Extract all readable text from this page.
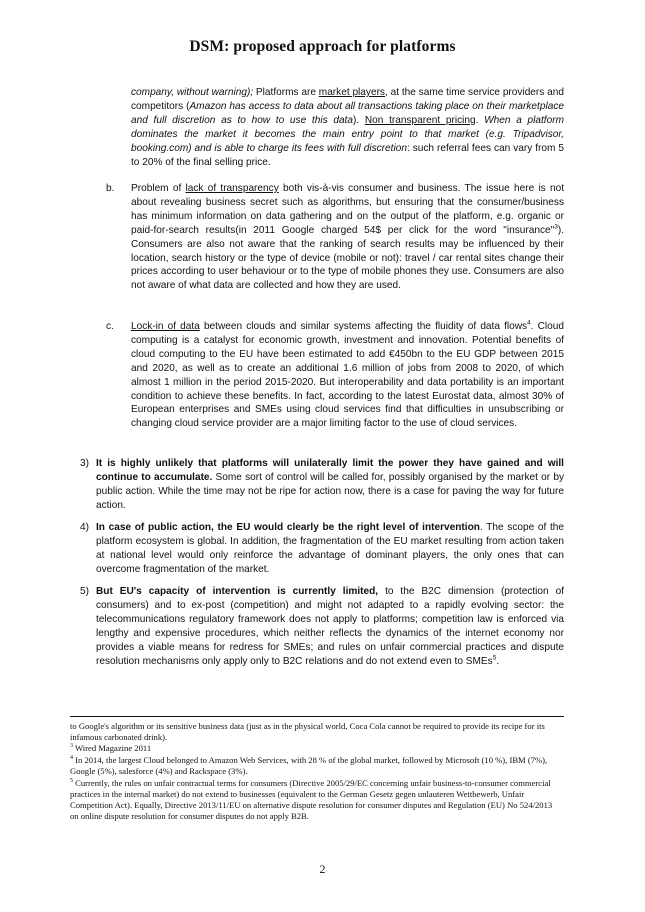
DSM: proposed approach for platforms
company, without warning); Platforms are market players, at the same time service providers and competitors (Amazon has access to data about all transactions taking place on their marketplace and full discretion as to how to use this data). Non transparent pricing. When a platform dominates the market it becomes the main entry point to that market (e.g. Tripadvisor, booking.com) and is able to charge its fees with full discretion: such referral fees can vary from 5 to 20% of the final selling price.
b. Problem of lack of transparency both vis-à-vis consumer and business. The issue here is not about revealing business secret such as algorithms, but ensuring that the consumer/business has minimum information on data gathering and on the output of the platform, e.g. organic or paid-for-search results(in 2011 Google charged 54$ per click for the word "insurance"$^3$). Consumers are also not aware that the ranking of search results may be influenced by their location, search history or the type of device (mobile or not): travel / car rental sites change their prices according to user behaviour or to the type of mobile phones they use. Consumers are also not aware of what data are collected and how they are used.
c. Lock-in of data between clouds and similar systems affecting the fluidity of data flows$^4$. Cloud computing is a catalyst for economic growth, investment and innovation. Potential benefits of cloud computing to the EU have been estimated to add €450bn to the EU GDP between 2015 and 2020, as well as to create an additional 1.6 million of jobs from 2008 to 2020, of which almost 1 million in the period 2015-2020. But interoperability and data portability is an important condition to achieve these benefits. In fact, according to the latest Eurostat data, almost 30% of European enterprises and SMEs using cloud services find that difficulties in unsubscribing or changing cloud service provider are a major limiting factor to the use of cloud services.
3) It is highly unlikely that platforms will unilaterally limit the power they have gained and will continue to accumulate. Some sort of control will be called for, possibly organised by the market or by public action. While the time may not be ripe for action now, there is a case for paving the way for future action.
4) In case of public action, the EU would clearly be the right level of intervention. The scope of the platform ecosystem is global. In addition, the fragmentation of the EU market resulting from action taken at national level would only reinforce the advantage of dominant players, the only ones that can overcome fragmentation of the market.
5) But EU's capacity of intervention is currently limited, to the B2C dimension (protection of consumers) and to ex-post (competition) and might not adapted to a rapidly evolving sector: the telecommunications regulatory framework does not apply to platforms; competition law is enforced via lengthy and expensive procedures, which neither reflects the dynamics of the internet economy nor provides a viable means for redress for SMEs; and rules on unfair commercial practices and dispute resolution mechanisms only apply only to B2C relations and do not extend even to SMEs$^5$.
to Google's algorithm or its sensitive business data (just as in the physical world, Coca Cola cannot be required to provide its recipe for its infamous carbonated drink).
$^3$ Wired Magazine 2011
$^4$ In 2014, the largest Cloud belonged to Amazon Web Services, with 28 % of the global market, followed by Microsoft (10 %), IBM (7%), Google (5%), salesforce (4%) and Rackspace (3%).
$^5$ Currently, the rules on unfair contractual terms for consumers (Directive 2005/29/EC concerning unfair business-to-consumer commercial practices in the internal market) do not extend to businesses (equivalent to the German Gesetz gegen unlauteren Wettbewerb, Unfair Competition Act). Equally, Directive 2013/11/EU on alternative dispute resolution for consumer disputes and Regulation (EU) No 524/2013 on online dispute resolution for consumer disputes do not apply B2B.
2
